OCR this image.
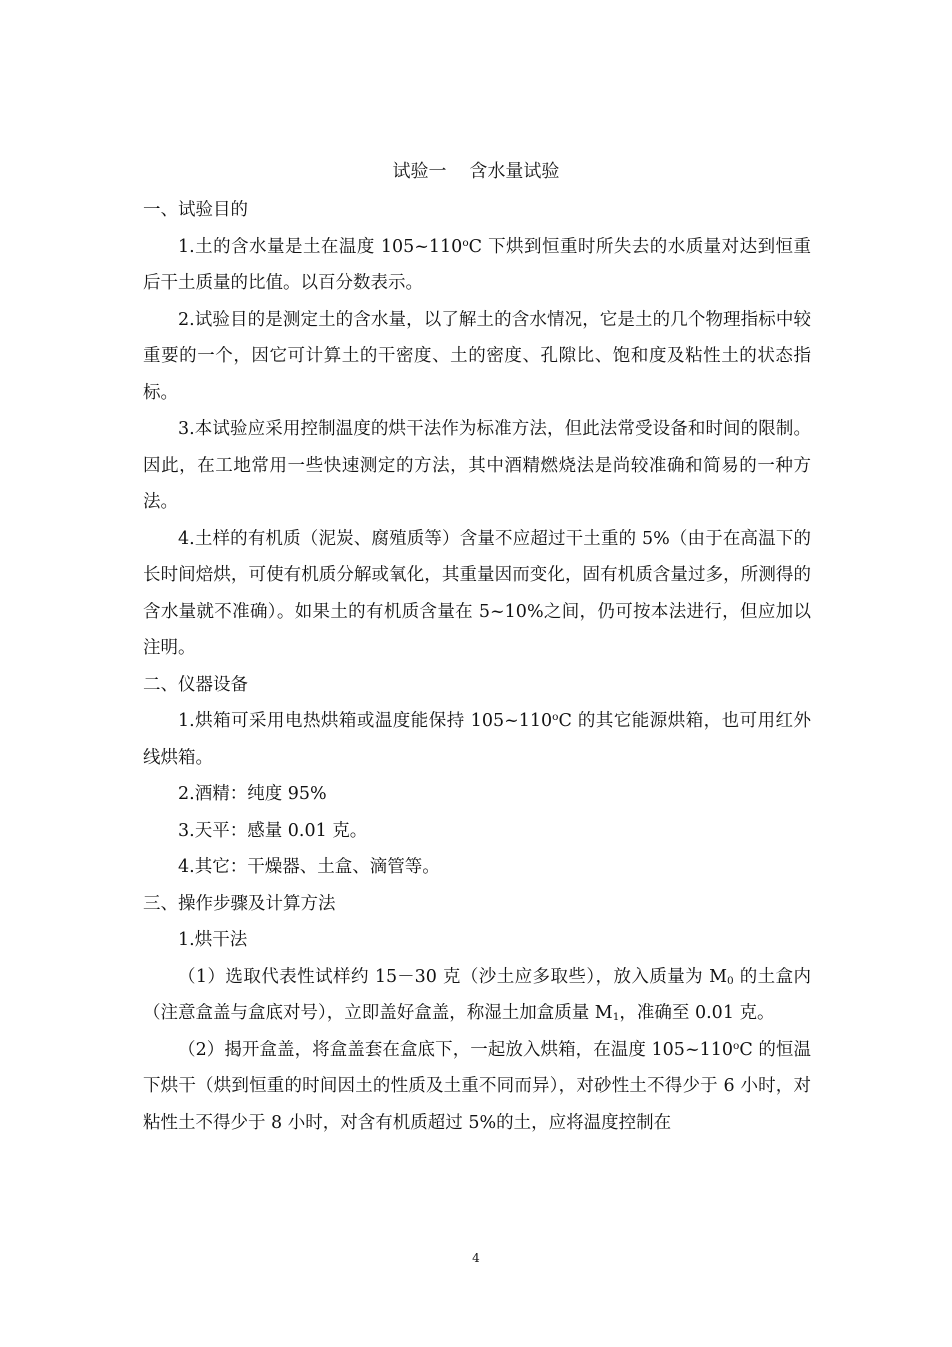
试验一    含水量试验

一、试验目的

1.土的含水量是土在温度 105~110$^o$C 下烘到恒重时所失去的水质量对达到恒重后干土质量的比值。以百分数表示。

2.试验目的是测定土的含水量，以了解土的含水情况，它是土的几个物理指标中较重要的一个，因它可计算土的干密度、土的密度、孔隙比、饱和度及粘性土的状态指标。

3.本试验应采用控制温度的烘干法作为标准方法，但此法常受设备和时间的限制。因此，在工地常用一些快速测定的方法，其中酒精燃烧法是尚较准确和简易的一种方法。

4.土样的有机质（泥炭、腐殖质等）含量不应超过干土重的 5%（由于在高温下的长时间焙烘，可使有机质分解或氧化，其重量因而变化，固有机质含量过多，所测得的含水量就不准确）。如果土的有机质含量在 5~10%之间，仍可按本法进行，但应加以注明。

二、仪器设备

1.烘箱可采用电热烘箱或温度能保持 105~110$^o$C 的其它能源烘箱，也可用红外线烘箱。

2.酒精：纯度 95%

3.天平：感量 0.01 克。

4.其它：干燥器、土盒、滴管等。

三、操作步骤及计算方法

1.烘干法

（1）选取代表性试样约 15－30 克（沙土应多取些），放入质量为 $M_0$ 的土盒内（注意盒盖与盒底对号），立即盖好盒盖，称湿土加盒质量 $M_1$，准确至 0.01 克。

（2）揭开盒盖，将盒盖套在盒底下，一起放入烘箱，在温度 105~110$^o$C 的恒温下烘干（烘到恒重的时间因土的性质及土重不同而异），对砂性土不得少于 6 小时，对粘性土不得少于 8 小时，对含有机质超过 5%的土，应将温度控制在

4
